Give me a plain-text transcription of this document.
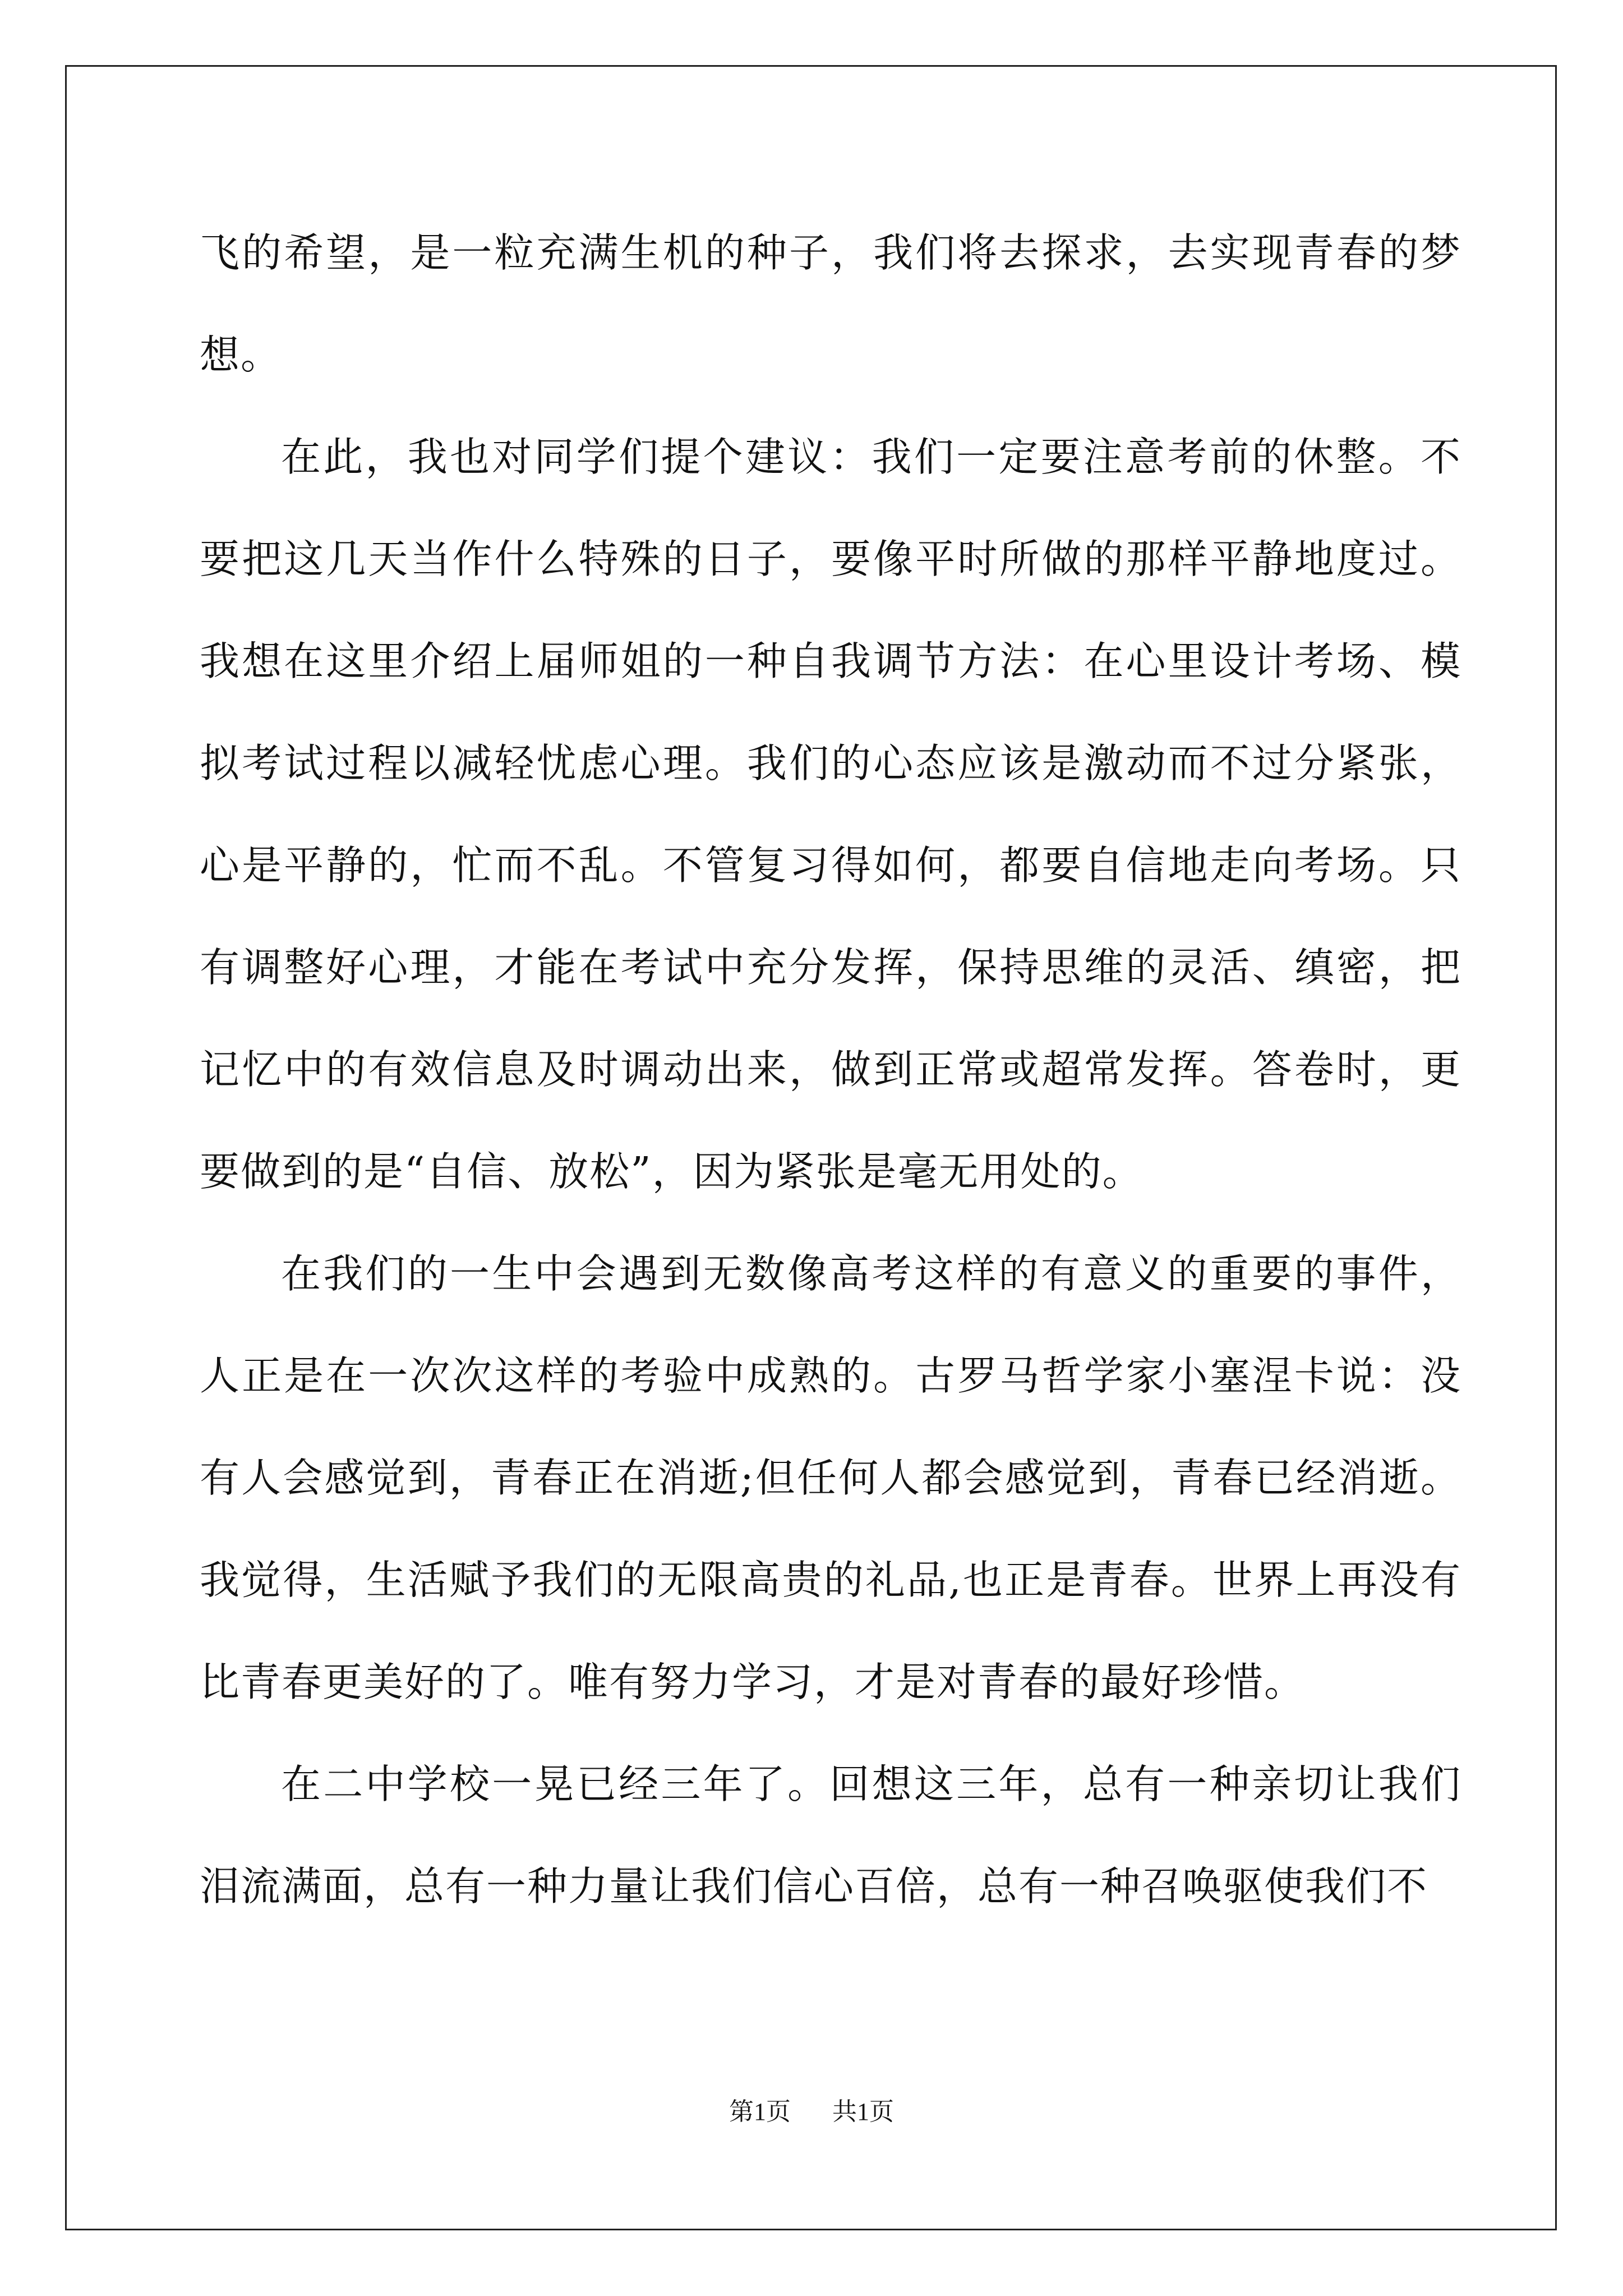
飞的希望，是一粒充满生机的种子，我们将去探求，去实现青春的梦想。

在此，我也对同学们提个建议：我们一定要注意考前的休整。不要把这几天当作什么特殊的日子，要像平时所做的那样平静地度过。我想在这里介绍上届师姐的一种自我调节方法：在心里设计考场、模拟考试过程以减轻忧虑心理。我们的心态应该是激动而不过分紧张，心是平静的，忙而不乱。不管复习得如何，都要自信地走向考场。只有调整好心理，才能在考试中充分发挥，保持思维的灵活、缜密，把记忆中的有效信息及时调动出来，做到正常或超常发挥。答卷时，更要做到的是“自信、放松”，因为紧张是毫无用处的。

在我们的一生中会遇到无数像高考这样的有意义的重要的事件，人正是在一次次这样的考验中成熟的。古罗马哲学家小塞涅卡说：没有人会感觉到，青春正在消逝;但任何人都会感觉到，青春已经消逝。我觉得，生活赋予我们的无限高贵的礼品,也正是青春。世界上再没有比青春更美好的了。唯有努力学习，才是对青春的最好珍惜。

在二中学校一晃已经三年了。回想这三年，总有一种亲切让我们泪流满面，总有一种力量让我们信心百倍，总有一种召唤驱使我们不

第1页 共1页
